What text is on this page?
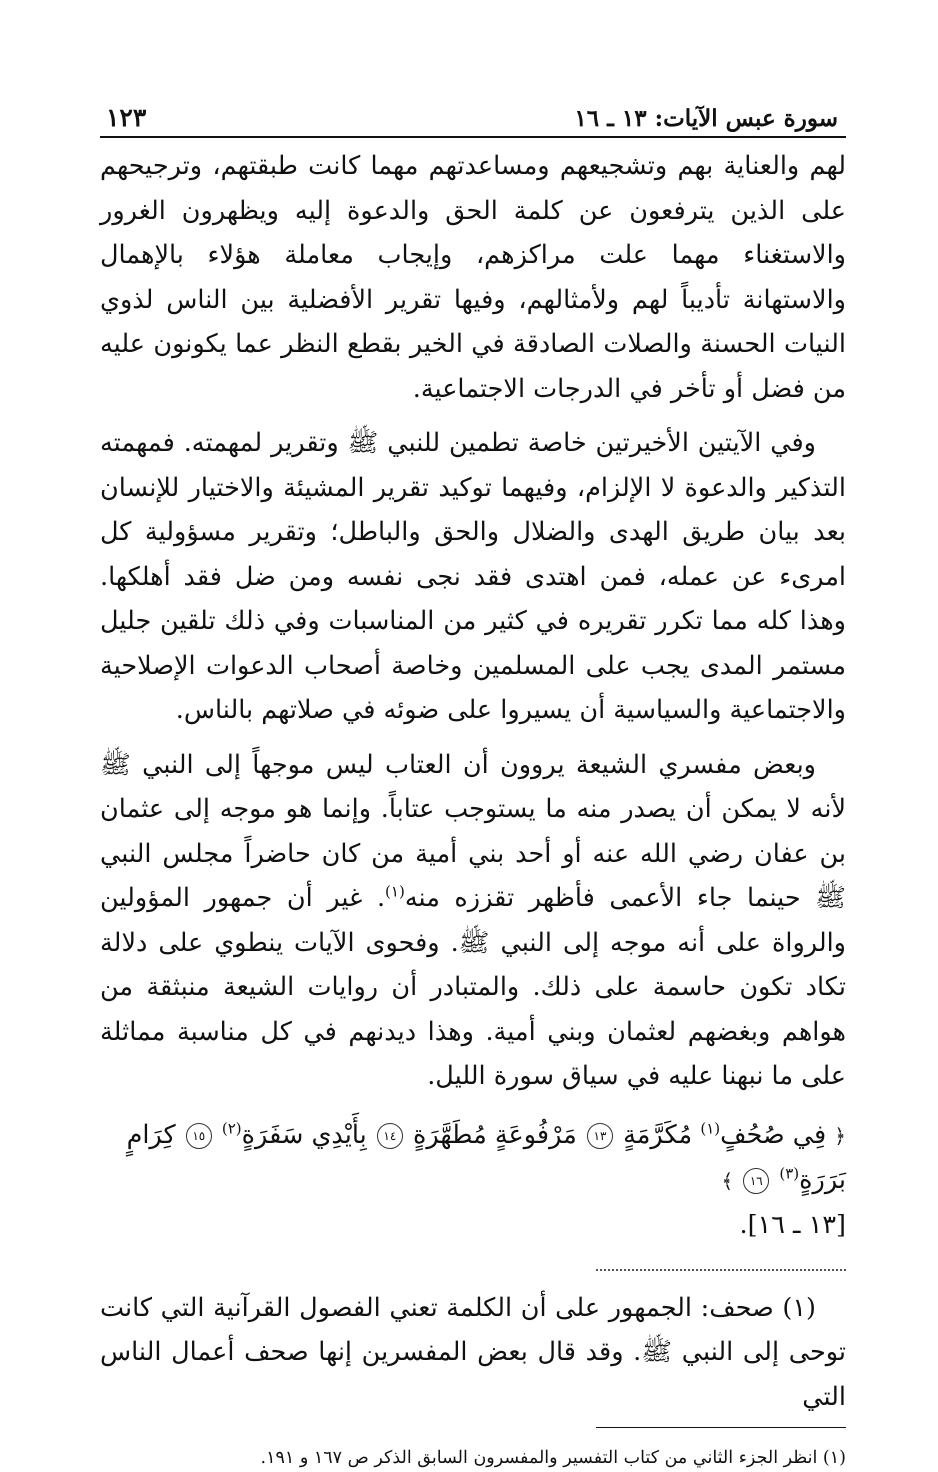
سورة عبس الآيات: ١٣ ـ ١٦
١٢٣

لهم والعناية بهم وتشجيعهم ومساعدتهم مهما كانت طبقتهم، وترجيحهم على الذين يترفعون عن كلمة الحق والدعوة إليه ويظهرون الغرور والاستغناء مهما علت مراكزهم، وإيجاب معاملة هؤلاء بالإهمال والاستهانة تأديباً لهم ولأمثالهم، وفيها تقرير الأفضلية بين الناس لذوي النيات الحسنة والصلات الصادقة في الخير بقطع النظر عما يكونون عليه من فضل أو تأخر في الدرجات الاجتماعية.

وفي الآيتين الأخيرتين خاصة تطمين للنبي ﷺ وتقرير لمهمته. فمهمته التذكير والدعوة لا الإلزام، وفيهما توكيد تقرير المشيئة والاختيار للإنسان بعد بيان طريق الهدى والضلال والحق والباطل؛ وتقرير مسؤولية كل امرىء عن عمله، فمن اهتدى فقد نجى نفسه ومن ضل فقد أهلكها. وهذا كله مما تكرر تقريره في كثير من المناسبات وفي ذلك تلقين جليل مستمر المدى يجب على المسلمين وخاصة أصحاب الدعوات الإصلاحية والاجتماعية والسياسية أن يسيروا على ضوئه في صلاتهم بالناس.

وبعض مفسري الشيعة يروون أن العتاب ليس موجهاً إلى النبي ﷺ لأنه لا يمكن أن يصدر منه ما يستوجب عتاباً. وإنما هو موجه إلى عثمان بن عفان رضي الله عنه أو أحد بني أمية من كان حاضراً مجلس النبي ﷺ حينما جاء الأعمى فأظهر تقززه منه$^{(١)}$. غير أن جمهور المؤولين والرواة على أنه موجه إلى النبي ﷺ. وفحوى الآيات ينطوي على دلالة تكاد تكون حاسمة على ذلك. والمتبادر أن روايات الشيعة منبثقة من هواهم وبغضهم لعثمان وبني أمية. وهذا ديدنهم في كل مناسبة مماثلة على ما نبهنا عليه في سياق سورة الليل.

﴿ فِي صُحُفٍ$^{(١)}$ مُكَرَّمَةٍ ١٣ مَرْفُوعَةٍ مُطَهَّرَةٍ ١٤ بِأَيْدِي سَفَرَةٍ$^{(٢)}$ ١٥ كِرَامٍ بَرَرَةٍ$^{(٣)}$ ١٦ ﴾
[١٣ ـ ١٦].

(١) صحف: الجمهور على أن الكلمة تعني الفصول القرآنية التي كانت توحى إلى النبي ﷺ. وقد قال بعض المفسرين إنها صحف أعمال الناس التي

(١) انظر الجزء الثاني من كتاب التفسير والمفسرون السابق الذكر ص ١٦٧ و ١٩١.
